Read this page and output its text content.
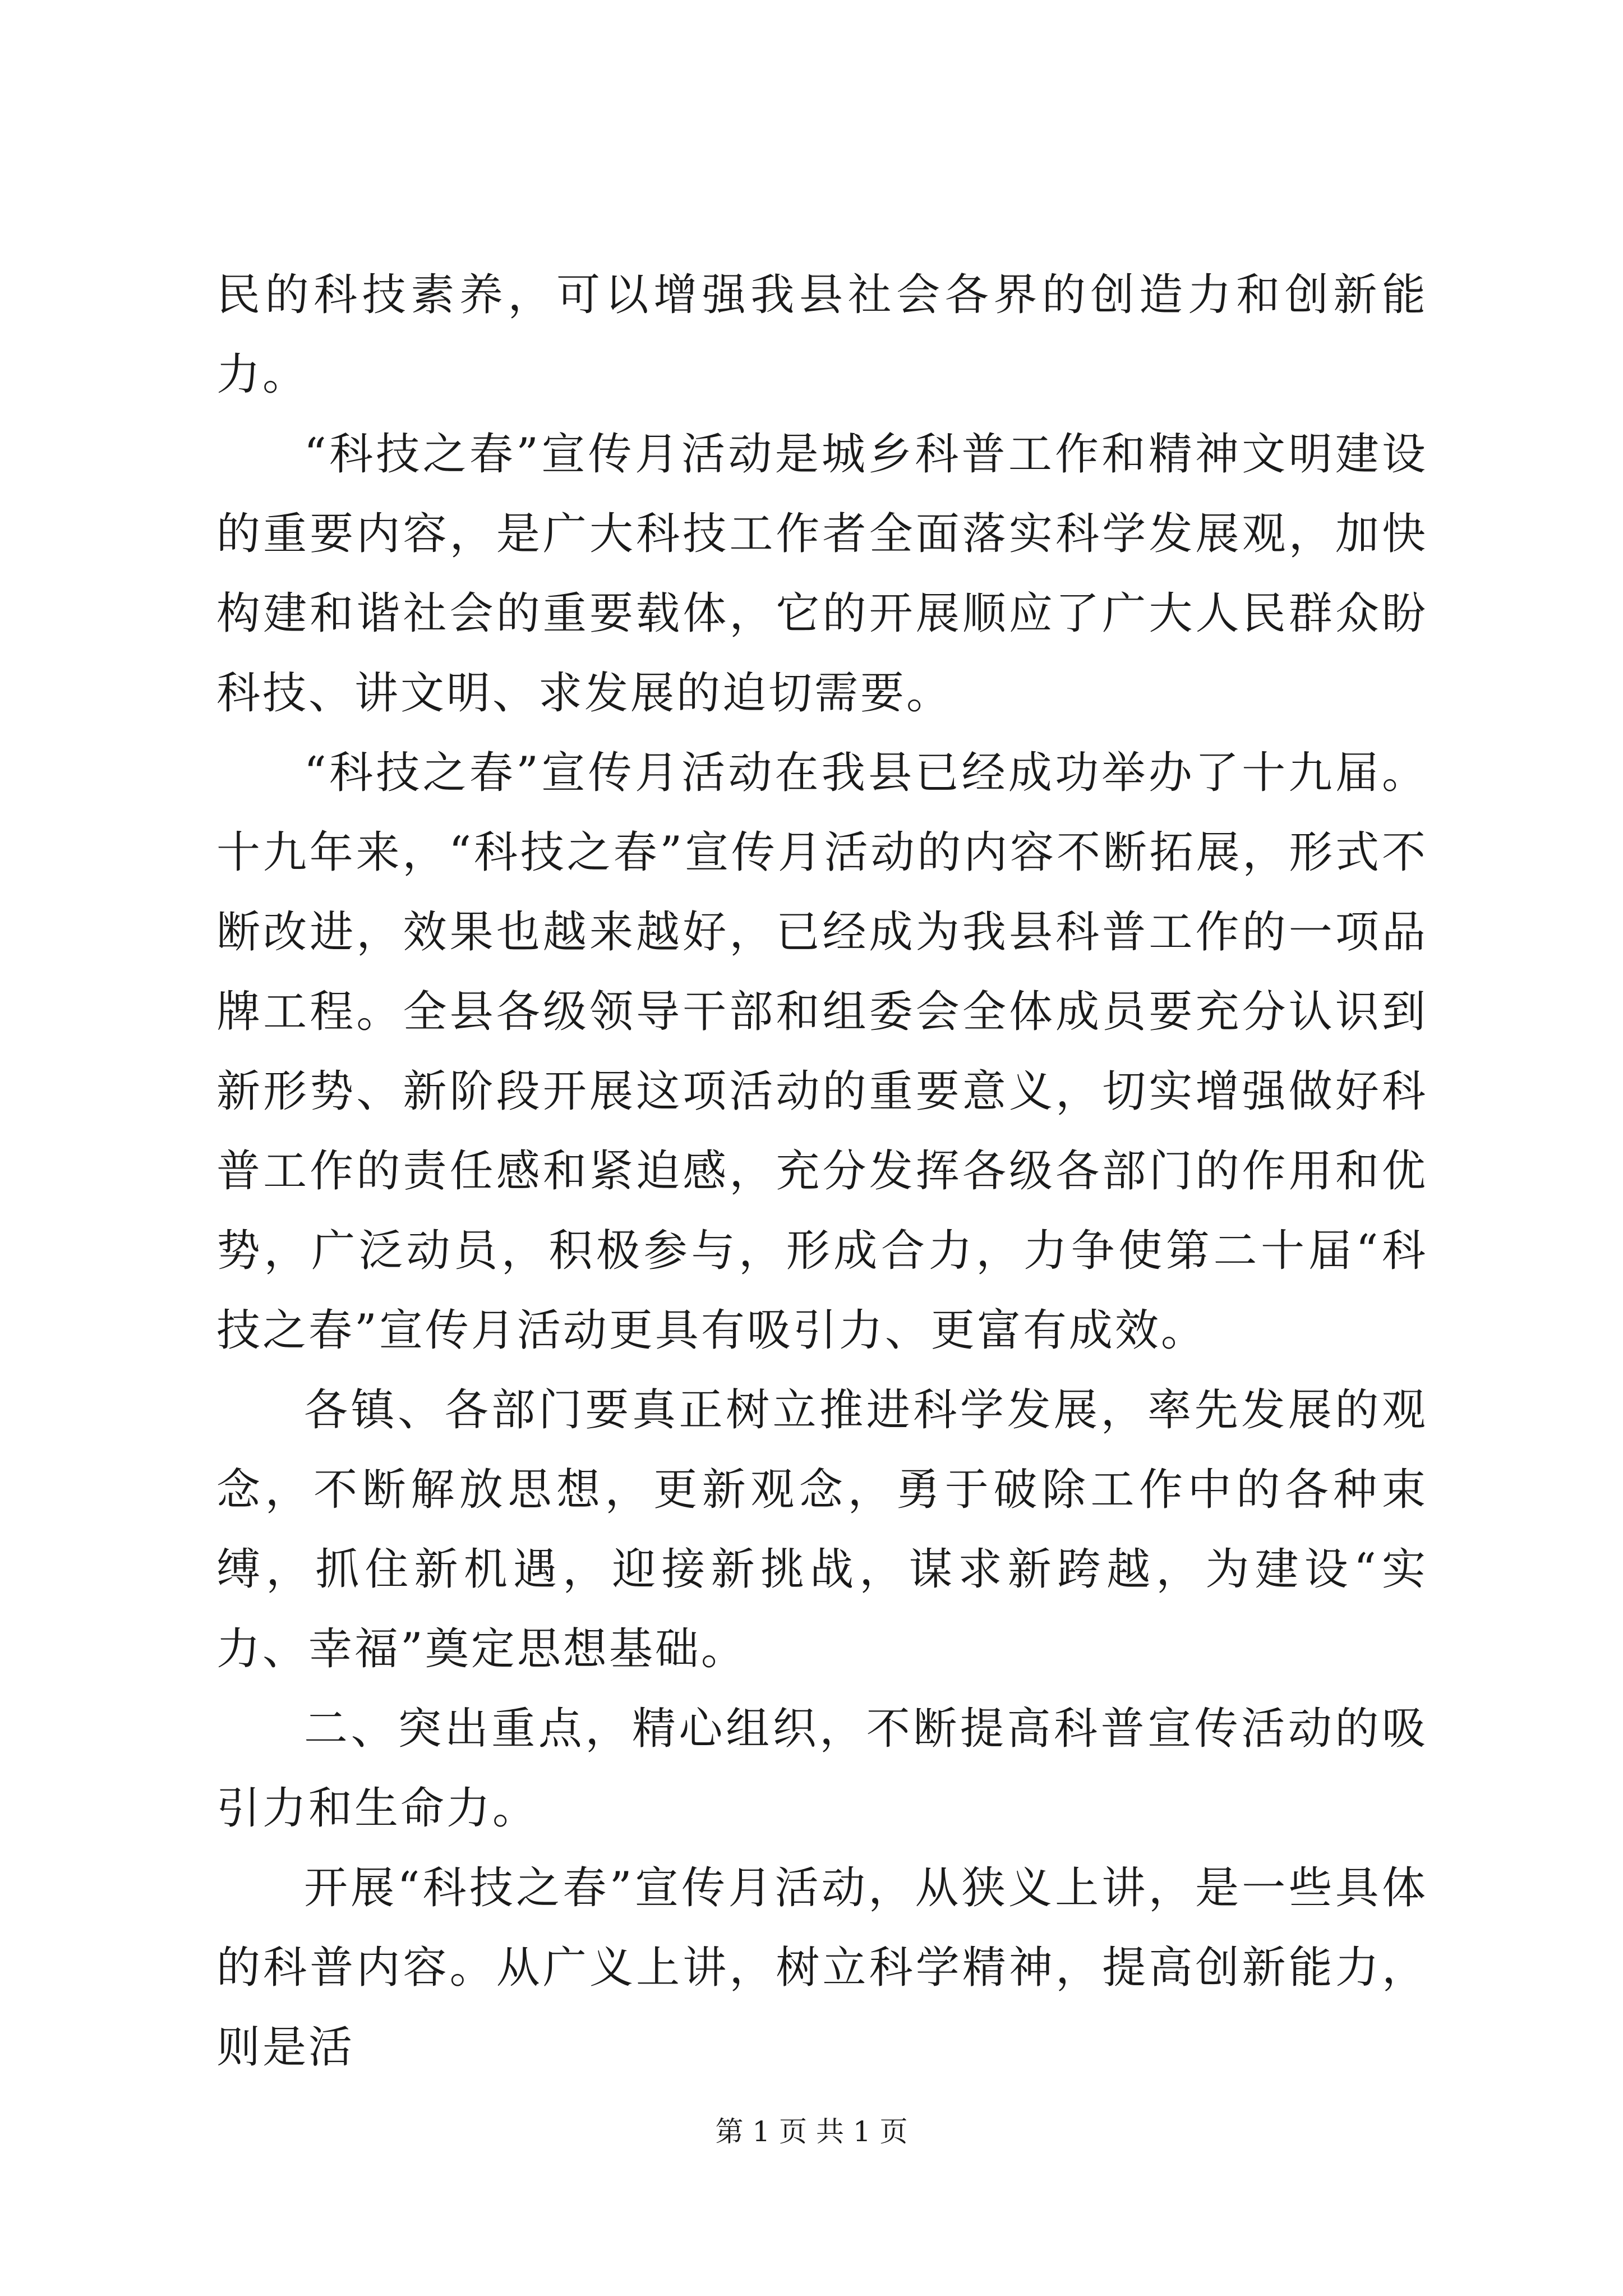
民的科技素养，可以增强我县社会各界的创造力和创新能力。

“科技之春”宣传月活动是城乡科普工作和精神文明建设的重要内容，是广大科技工作者全面落实科学发展观，加快构建和谐社会的重要载体，它的开展顺应了广大人民群众盼科技、讲文明、求发展的迫切需要。

“科技之春”宣传月活动在我县已经成功举办了十九届。十九年来，“科技之春”宣传月活动的内容不断拓展，形式不断改进，效果也越来越好，已经成为我县科普工作的一项品牌工程。全县各级领导干部和组委会全体成员要充分认识到新形势、新阶段开展这项活动的重要意义，切实增强做好科普工作的责任感和紧迫感，充分发挥各级各部门的作用和优势，广泛动员，积极参与，形成合力，力争使第二十届“科技之春”宣传月活动更具有吸引力、更富有成效。

各镇、各部门要真正树立推进科学发展，率先发展的观念，不断解放思想，更新观念，勇于破除工作中的各种束缚，抓住新机遇，迎接新挑战，谋求新跨越，为建设“实力、幸福”奠定思想基础。

二、突出重点，精心组织，不断提高科普宣传活动的吸引力和生命力。

开展“科技之春”宣传月活动，从狭义上讲，是一些具体的科普内容。从广义上讲，树立科学精神，提高创新能力，则是活

第 1 页 共 1 页
